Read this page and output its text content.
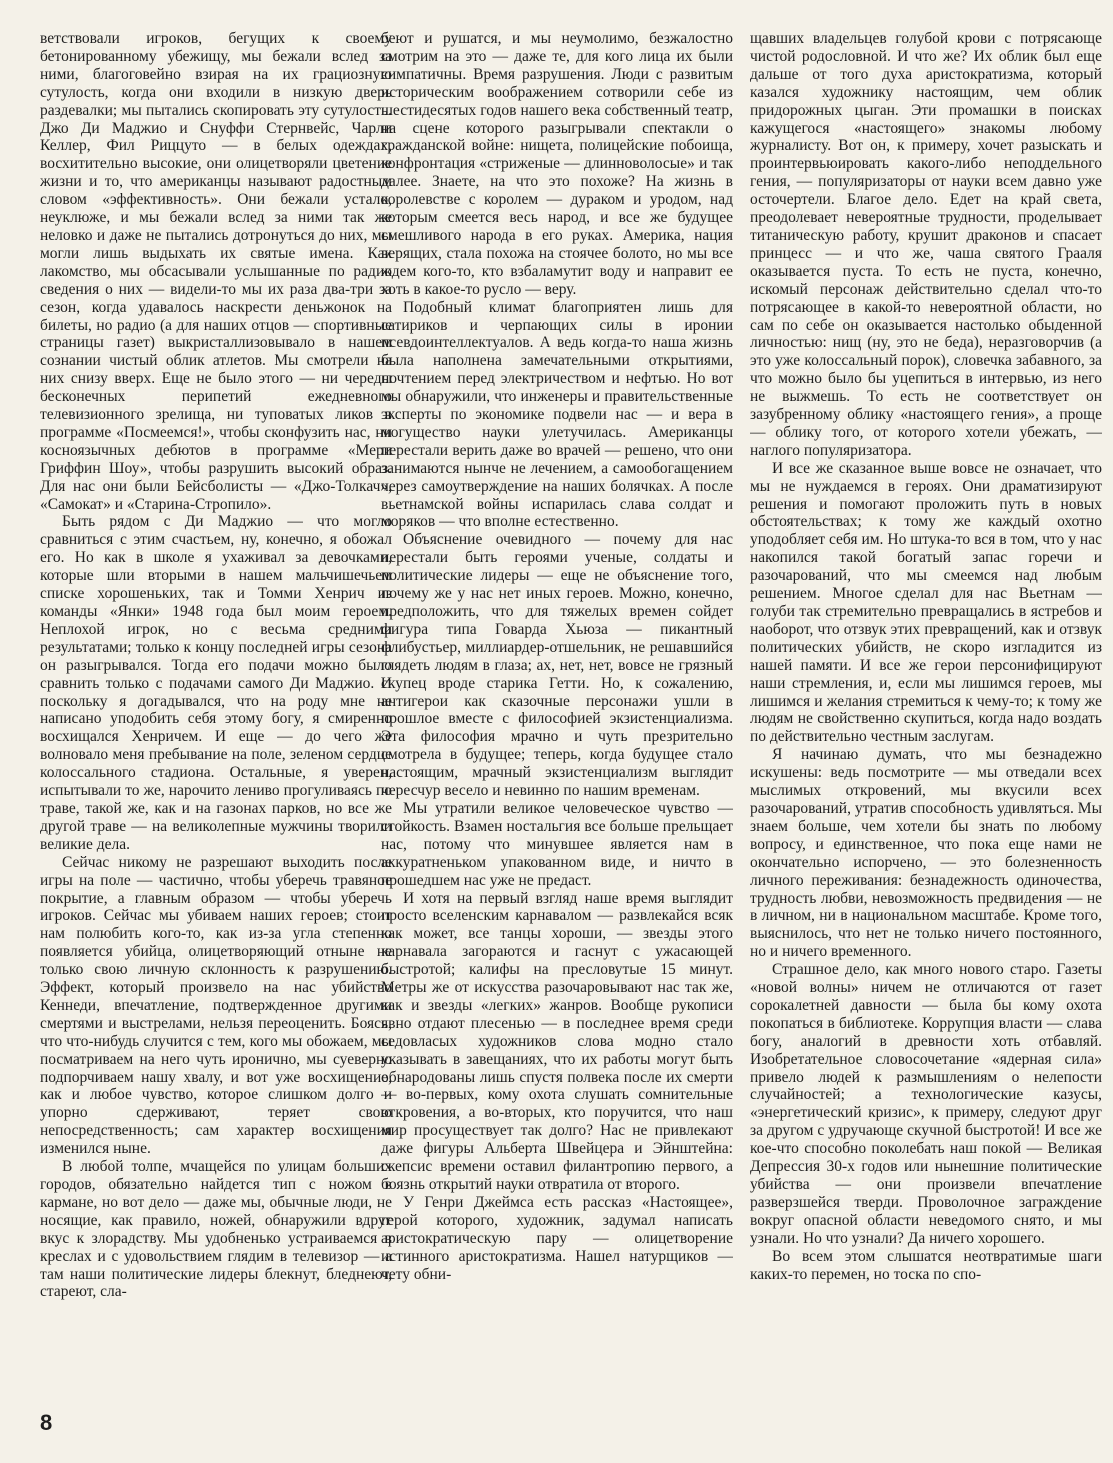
ветствовали игроков, бегущих к своему бетонированному убежищу, мы бежали вслед за ними, благоговейно взирая на их грациозную сутулость, когда они входили в низкую дверь раздевалки; мы пытались скопировать эту сутулость. Джо Ди Маджио и Снуффи Стернвейс, Чарли Келлер, Фил Риццуто — в белых одеждах, восхитительно высокие, они олицетворяли цветение жизни и то, что американцы называют радостным словом «эффективность». Они бежали устало, неуклюже, и мы бежали вслед за ними так же неловко и даже не пытались дотронуться до них, мы могли лишь выдыхать их святые имена. Как лакомство, мы обсасывали услышанные по радио сведения о них — видели-то мы их раза два-три за сезон, когда удавалось наскрести деньжонок на билеты, но радио (а для наших отцов — спортивные страницы газет) выкристаллизовывало в нашем сознании чистый облик атлетов. Мы смотрели на них снизу вверх. Еще не было этого — ни череды бесконечных перипетий ежедневного телевизионного зрелища, ни туповатых ликов в программе «Посмеемся!», чтобы сконфузить нас, ни косноязычных дебютов в программе «Мери Гриффин Шоу», чтобы разрушить высокий образ. Для нас они были Бейсболисты — «Джо-Толкач», «Самокат» и «Старина-Стропило».

Быть рядом с Ди Маджио — что могло сравниться с этим счастьем, ну, конечно, я обожал его. Но как в школе я ухаживал за девочками, которые шли вторыми в нашем мальчишечьем списке хорошеньких, так и Томми Хенрич из команды «Янки» 1948 года был моим героем. Неплохой игрок, но с весьма средними результатами; только к концу последней игры сезона он разыгрывался. Тогда его подачи можно было сравнить только с подачами самого Ди Маджио. И поскольку я догадывался, что на роду мне не написано уподобить себя этому богу, я смиренно восхищался Хенричем. И еще — до чего же волновало меня пребывание на поле, зеленом сердце колоссального стадиона. Остальные, я уверен, испытывали то же, нарочито лениво прогуливаясь по траве, такой же, как и на газонах парков, но все же другой траве — на великолепные мужчины творили великие дела.

Сейчас никому не разрешают выходить после игры на поле — частично, чтобы уберечь травяное покрытие, а главным образом — чтобы уберечь игроков. Сейчас мы убиваем наших героев; стоит нам полюбить кого-то, как из-за угла степенно появляется убийца, олицетворяющий отныне не только свою личную склонность к разрушению. Эффект, который произвело на нас убийство Кеннеди, впечатление, подтвержденное другими смертями и выстрелами, нельзя переоценить. Боясь, что что-нибудь случится с тем, кого мы обожаем, мы посматриваем на него чуть иронично, мы суеверно подпорчиваем нашу хвалу, и вот уже восхищение, как и любое чувство, которое слишком долго и упорно сдерживают, теряет свою непосредственность; сам характер восхищения изменился ныне.

В любой толпе, мчащейся по улицам больших городов, обязательно найдется тип с ножом в кармане, но вот дело — даже мы, обычные люди, не носящие, как правило, ножей, обнаружили вдруг вкус к злорадству. Мы удобненько устраиваемся в креслах и с удовольствием глядим в телевизор — а там наши политические лидеры блекнут, бледнеют, стареют, сла-

беют и рушатся, и мы неумолимо, безжалостно смотрим на это — даже те, для кого лица их были симпатичны. Время разрушения. Люди с развитым историческим воображением сотворили себе из шестидесятых годов нашего века собственный театр, на сцене которого разыгрывали спектакли о гражданской войне: нищета, полицейские побоища, конфронтация «стриженые — длинноволосые» и так далее. Знаете, на что это похоже? На жизнь в королевстве с королем — дураком и уродом, над которым смеется весь народ, и все же будущее смешливого народа в его руках. Америка, нация верящих, стала похожа на стоячее болото, но мы все ждем кого-то, кто взбаламутит воду и направит ее хоть в какое-то русло — веру.

Подобный климат благоприятен лишь для сатириков и черпающих силы в иронии псевдоинтеллектуалов. А ведь когда-то наша жизнь была наполнена замечательными открытиями, почтением перед электричеством и нефтью. Но вот мы обнаружили, что инженеры и правительственные эксперты по экономике подвели нас — и вера в могущество науки улетучилась. Американцы перестали верить даже во врачей — решено, что они занимаются нынче не лечением, а самообогащением через самоутверждение на наших болячках. А после вьетнамской войны испарилась слава солдат и моряков — что вполне естественно.

Объяснение очевидного — почему для нас перестали быть героями ученые, солдаты и политические лидеры — еще не объяснение того, почему же у нас нет иных героев. Можно, конечно, предположить, что для тяжелых времен сойдет фигура типа Говарда Хьюза — пикантный флибустьер, миллиардер-отшельник, не решавшийся глядеть людям в глаза; ах, нет, нет, вовсе не грязный скупец вроде старика Гетти. Но, к сожалению, антигерои как сказочные персонажи ушли в прошлое вместе с философией экзистенциализма. Эта философия мрачно и чуть презрительно смотрела в будущее; теперь, когда будущее стало настоящим, мрачный экзистенциализм выглядит чересчур весело и невинно по нашим временам.

Мы утратили великое человеческое чувство — стойкость. Взамен ностальгия все больше прельщает нас, потому что минувшее является нам в аккуратненьком упакованном виде, и ничто в прошедшем нас уже не предаст.

И хотя на первый взгляд наше время выглядит просто вселенским карнавалом — развлекайся всяк как может, все танцы хороши, — звезды этого карнавала загораются и гаснут с ужасающей быстротой; калифы на пресловутые 15 минут. Метры же от искусства разочаровывают нас так же, как и звезды «легких» жанров. Вообще рукописи явно отдают плесенью — в последнее время среди седовласых художников слова модно стало указывать в завещаниях, что их работы могут быть обнародованы лишь спустя полвека после их смерти — во-первых, кому охота слушать сомнительные откровения, а во-вторых, кто поручится, что наш мир просуществует так долго? Нас не привлекают даже фигуры Альберта Швейцера и Эйнштейна: скепсис времени оставил филантропию первого, а боязнь открытий науки отвратила от второго.

У Генри Джеймса есть рассказ «Настоящее», герой которого, художник, задумал написать аристократическую пару — олицетворение истинного аристократизма. Нашел натурщиков — чету обни-

щавших владельцев голубой крови с потрясающе чистой родословной. И что же? Их облик был еще дальше от того духа аристократизма, который казался художнику настоящим, чем облик придорожных цыган. Эти промашки в поисках кажущегося «настоящего» знакомы любому журналисту. Вот он, к примеру, хочет разыскать и проинтервьюировать какого-либо неподдельного гения, — популяризаторы от науки всем давно уже осточертели. Благое дело. Едет на край света, преодолевает невероятные трудности, проделывает титаническую работу, крушит драконов и спасает принцесс — и что же, чаша святого Грааля оказывается пуста. То есть не пуста, конечно, искомый персонаж действительно сделал что-то потрясающее в какой-то невероятной области, но сам по себе он оказывается настолько обыденной личностью: нищ (ну, это не беда), неразговорчив (а это уже колоссальный порок), словечка забавного, за что можно было бы уцепиться в интервью, из него не выжмешь. То есть не соответствует он зазубренному облику «настоящего гения», а проще — облику того, от которого хотели убежать, — наглого популяризатора.

И все же сказанное выше вовсе не означает, что мы не нуждаемся в героях. Они драматизируют решения и помогают проложить путь в новых обстоятельствах; к тому же каждый охотно уподобляет себя им. Но штука-то вся в том, что у нас накопился такой богатый запас горечи и разочарований, что мы смеемся над любым решением. Многое сделал для нас Вьетнам — голуби так стремительно превращались в ястребов и наоборот, что отзвук этих превращений, как и отзвук политических убийств, не скоро изгладится из нашей памяти. И все же герои персонифицируют наши стремления, и, если мы лишимся героев, мы лишимся и желания стремиться к чему-то; к тому же людям не свойственно скупиться, когда надо воздать по действительно честным заслугам.

Я начинаю думать, что мы безнадежно искушены: ведь посмотрите — мы отведали всех мыслимых откровений, мы вкусили всех разочарований, утратив способность удивляться. Мы знаем больше, чем хотели бы знать по любому вопросу, и единственное, что пока еще нами не окончательно испорчено, — это болезненность личного переживания: безнадежность одиночества, трудность любви, невозможность предвидения — не в личном, ни в национальном масштабе. Кроме того, выяснилось, что нет не только ничего постоянного, но и ничего временного.

Страшное дело, как много нового старо. Газеты «новой волны» ничем не отличаются от газет сорокалетней давности — была бы кому охота покопаться в библиотеке. Коррупция власти — слава богу, аналогий в древности хоть отбавляй. Изобретательное словосочетание «ядерная сила» привело людей к размышлениям о нелепости случайностей; а технологические казусы, «энергетический кризис», к примеру, следуют друг за другом с удручающе скучной быстротой! И все же кое-что способно поколебать наш покой — Великая Депрессия 30-х годов или нынешние политические убийства — они произвели впечатление разверзшейся тверди. Проволочное заграждение вокруг опасной области неведомого снято, и мы узнали. Но что узнали? Да ничего хорошего.

Во всем этом слышатся неотвратимые шаги каких-то перемен, но тоска по спо-

8
